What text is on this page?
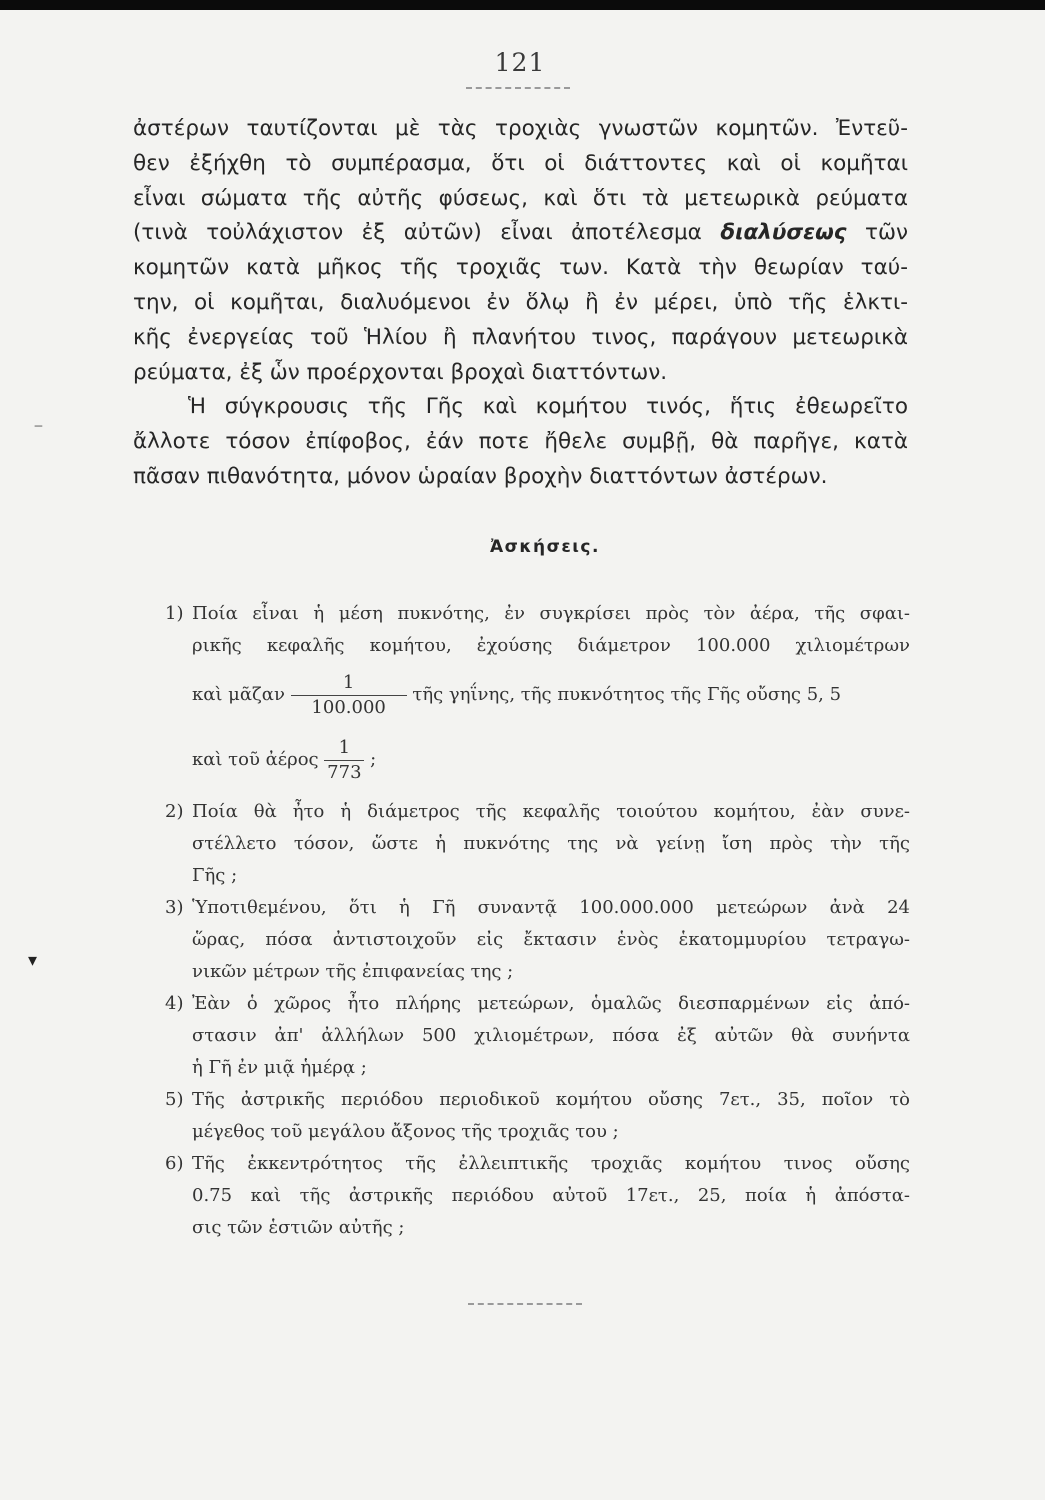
121
ἀστέρων ταυτίζονται μὲ τὰς τροχιὰς γνωστῶν κομητῶν. Ἐντεῦ-
θεν ἐξήχθη τὸ συμπέρασμα, ὅτι οἱ διάττοντες καὶ οἱ κομῆται
εἶναι σώματα τῆς αὐτῆς φύσεως, καὶ ὅτι τὰ μετεωρικὰ ρεύματα
(τινὰ τοὐλάχιστον ἐξ αὐτῶν) εἶναι ἀποτέλεσμα διαλύσεως τῶν
κομητῶν κατὰ μῆκος τῆς τροχιᾶς των. Κατὰ τὴν θεωρίαν ταύ-
την, οἱ κομῆται, διαλυόμενοι ἐν ὅλῳ ἢ ἐν μέρει, ὑπὸ τῆς ἑλκτι-
κῆς ἐνεργείας τοῦ Ἡλίου ἢ πλανήτου τινος, παράγουν μετεωρικὰ
ρεύματα, ἐξ ὧν προέρχονται βροχαὶ διαττόντων.
Ἡ σύγκρουσις τῆς Γῆς καὶ κομήτου τινός, ἥτις ἐθεωρεῖτο
ἄλλοτε τόσον ἐπίφοβος, ἐάν ποτε ἤθελε συμβῇ, θὰ παρῆγε, κατὰ
πᾶσαν πιθανότητα, μόνον ὡραίαν βροχὴν διαττόντων ἀστέρων.
Ἀσκήσεις.
1) Ποία εἶναι ἡ μέση πυκνότης, ἐν συγκρίσει πρὸς τὸν ἀέρα, τῆς σφαι-
ρικῆς κεφαλῆς κομήτου, ἐχούσης διάμετρον 100.000 χιλιομέτρων
καὶ μᾶζαν $\frac{1}{100.000}$ τῆς γηΐνης, τῆς πυκνότητος τῆς Γῆς οὔσης 5, 5
καὶ τοῦ ἀέρος $\frac{1}{773}$ ;
2) Ποία θὰ ἦτο ἡ διάμετρος τῆς κεφαλῆς τοιούτου κομήτου, ἐὰν συνε-
στέλλετο τόσον, ὥστε ἡ πυκνότης της νὰ γείνῃ ἴση πρὸς τὴν τῆς
Γῆς ;
3) Ὑποτιθεμένου, ὅτι ἡ Γῆ συναντᾷ 100.000.000 μετεώρων ἀνὰ 24
ὥρας, πόσα ἀντιστοιχοῦν εἰς ἔκτασιν ἑνὸς ἑκατομμυρίου τετραγω-
νικῶν μέτρων τῆς ἐπιφανείας της ;
4) Ἐὰν ὁ χῶρος ἦτο πλήρης μετεώρων, ὁμαλῶς διεσπαρμένων εἰς ἀπό-
στασιν ἀπ' ἀλλήλων 500 χιλιομέτρων, πόσα ἐξ αὐτῶν θὰ συνήντα
ἡ Γῆ ἐν μιᾷ ἡμέρᾳ ;
5) Τῆς ἀστρικῆς περιόδου περιοδικοῦ κομήτου οὔσης 7ετ., 35, ποῖον τὸ
μέγεθος τοῦ μεγάλου ἄξονος τῆς τροχιᾶς του ;
6) Τῆς ἐκκεντρότητος τῆς ἐλλειπτικῆς τροχιᾶς κομήτου τινος οὔσης
0.75 καὶ τῆς ἀστρικῆς περιόδου αὐτοῦ 17ετ., 25, ποία ἡ ἀπόστα-
σις τῶν ἑστιῶν αὐτῆς ;
‒
▾
